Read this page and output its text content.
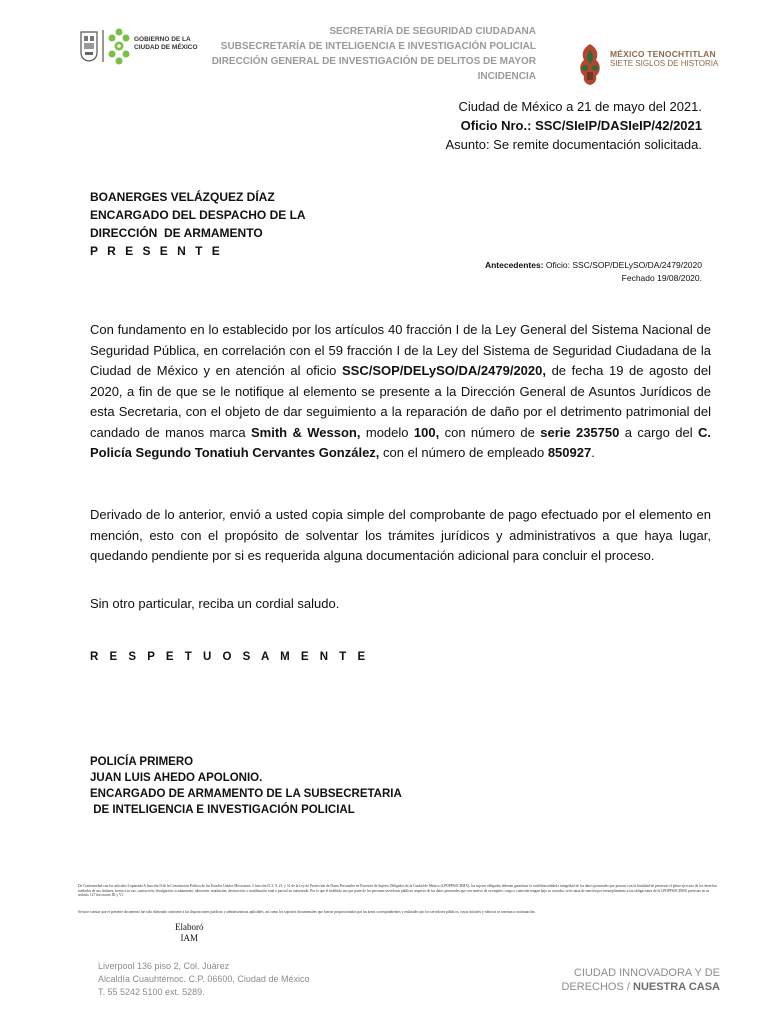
GOBIERNO DE LA
CIUDAD DE MÉXICO
SECRETARÍA DE SEGURIDAD CIUDADANA
SUBSECRETARÍA DE INTELIGENCIA E INVESTIGACIÓN POLICIAL
DIRECCIÓN GENERAL DE INVESTIGACIÓN DE DELITOS DE MAYOR INCIDENCIA
MÉXICO TENOCHTITLAN
SIETE SIGLOS DE HISTORIA
Ciudad de México a 21 de mayo del 2021.
Oficio Nro.: SSC/SIeIP/DASIeIP/42/2021
Asunto: Se remite documentación solicitada.
BOANERGES VELÁZQUEZ DÍAZ
ENCARGADO DEL DESPACHO DE LA
DIRECCIÓN  DE ARMAMENTO
P R E S E N T E
Antecedentes: Oficio: SSC/SOP/DELySO/DA/2479/2020
Fechado 19/08/2020.
Con fundamento en lo establecido por los artículos 40 fracción I de la Ley General del Sistema Nacional de Seguridad Pública, en correlación con el 59 fracción I de la Ley del Sistema de Seguridad Ciudadana de la Ciudad de México y en atención al oficio SSC/SOP/DELySO/DA/2479/2020, de fecha 19 de agosto del 2020, a fin de que se le notifique al elemento se presente a la Dirección General de Asuntos Jurídicos de esta Secretaria, con el objeto de dar seguimiento a la reparación de daño por el detrimento patrimonial del candado de manos marca Smith & Wesson, modelo 100, con número de serie 235750 a cargo del C. Policía Segundo Tonatiuh Cervantes González, con el número de empleado 850927.
Derivado de lo anterior, envió a usted copia simple del comprobante de pago efectuado por el elemento en mención, esto con el propósito de solventar los trámites jurídicos y administrativos a que haya lugar, quedando pendiente por si es requerida alguna documentación adicional para concluir el proceso.
Sin otro particular, reciba un cordial saludo.
R E S P E T U O S A M E N T E
POLICÍA PRIMERO
JUAN LUIS AHEDO APOLONIO.
ENCARGADO DE ARMAMENTO DE LA SUBSECRETARIA
DE INTELIGENCIA E INVESTIGACIÓN POLICIAL
De Conformidad con los artículos 6 apartado A fracción II de la Constitución Política de los Estados Unidos Mexicanos; 2 fracción II, 3, 9, 21, y 31 de la Ley de Protección de Datos Personales en Posesión de Sujetos Obligados de la Ciudad de México (LPDPPSOCDMX), los sujetos obligados deberán garantizar la confidencialidad e integridad de los datos personales que posean, con la finalidad de preservar el pleno ejercicio de los derechos tutelados de sus titulares, frente a su uso, sustracción, divulgación, ocultamiento, alteración, mutilación, destrucción, o inutilización total o parcial no autorizado. Por lo que el indebido uso por parte de los personas servidoras públicas respecto de los datos personales que con motivo de su empleo, cargo o comisión tengan bajo su custodia, será causa de sanción por incumplimiento a las obligaciones de la LPDPPSOCDMX previstas en su artículo 127 fracciones III y VI.
Se hace constar que el presente documento fue sido elaborado conforme a las disposiciones jurídicas y administrativas aplicables, así como los soportes documentales que fueron proporcionados por las áreas correspondientes y realizados por los servidores públicos, cuyas iniciales y rúbricas se insertan a continuación.
Elaboró
IAM
Liverpool 136 piso 2, Col. Juárez
Alcaldía Cuauhtémoc. C.P. 06600, Ciudad de México
T. 55 5242 5100 ext. 5289.
CIUDAD INNOVADORA Y DE
DERECHOS / NUESTRA CASA
